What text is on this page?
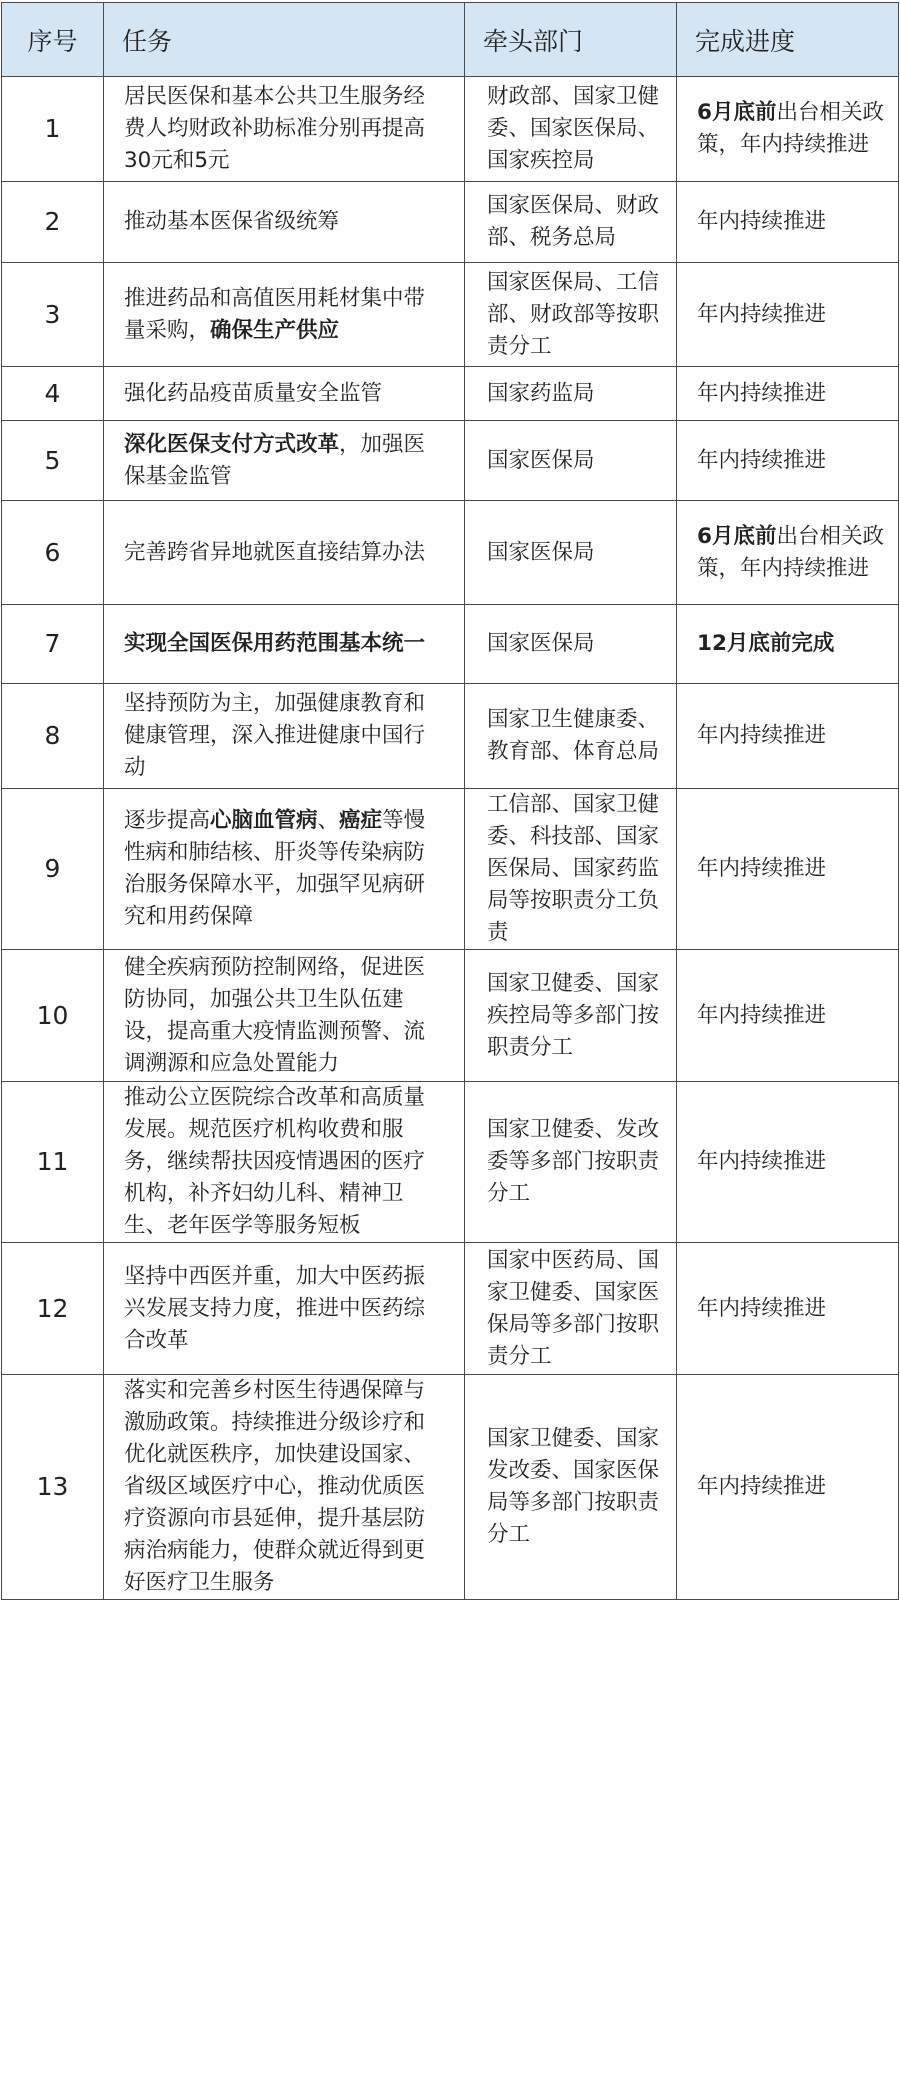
序号	任务	牵头部门	完成进度
1	居民医保和基本公共卫生服务经费人均财政补助标准分别再提高30元和5元	财政部、国家卫健委、国家医保局、国家疾控局	6月底前出台相关政策，年内持续推进
2	推动基本医保省级统筹	国家医保局、财政部、税务总局	年内持续推进
3	推进药品和高值医用耗材集中带量采购，确保生产供应	国家医保局、工信部、财政部等按职责分工	年内持续推进
4	强化药品疫苗质量安全监管	国家药监局	年内持续推进
5	深化医保支付方式改革，加强医保基金监管	国家医保局	年内持续推进
6	完善跨省异地就医直接结算办法	国家医保局	6月底前出台相关政策，年内持续推进
7	实现全国医保用药范围基本统一	国家医保局	12月底前完成
8	坚持预防为主，加强健康教育和健康管理，深入推进健康中国行动	国家卫生健康委、教育部、体育总局	年内持续推进
9	逐步提高心脑血管病、癌症等慢性病和肺结核、肝炎等传染病防治服务保障水平，加强罕见病研究和用药保障	工信部、国家卫健委、科技部、国家医保局、国家药监局等按职责分工负责	年内持续推进
10	健全疾病预防控制网络，促进医防协同，加强公共卫生队伍建设，提高重大疫情监测预警、流调溯源和应急处置能力	国家卫健委、国家疾控局等多部门按职责分工	年内持续推进
11	推动公立医院综合改革和高质量发展。规范医疗机构收费和服务，继续帮扶因疫情遇困的医疗机构，补齐妇幼儿科、精神卫生、老年医学等服务短板	国家卫健委、发改委等多部门按职责分工	年内持续推进
12	坚持中西医并重，加大中医药振兴发展支持力度，推进中医药综合改革	国家中医药局、国家卫健委、国家医保局等多部门按职责分工	年内持续推进
13	落实和完善乡村医生待遇保障与激励政策。持续推进分级诊疗和优化就医秩序，加快建设国家、省级区域医疗中心，推动优质医疗资源向市县延伸，提升基层防病治病能力，使群众就近得到更好医疗卫生服务	国家卫健委、国家发改委、国家医保局等多部门按职责分工	年内持续推进
